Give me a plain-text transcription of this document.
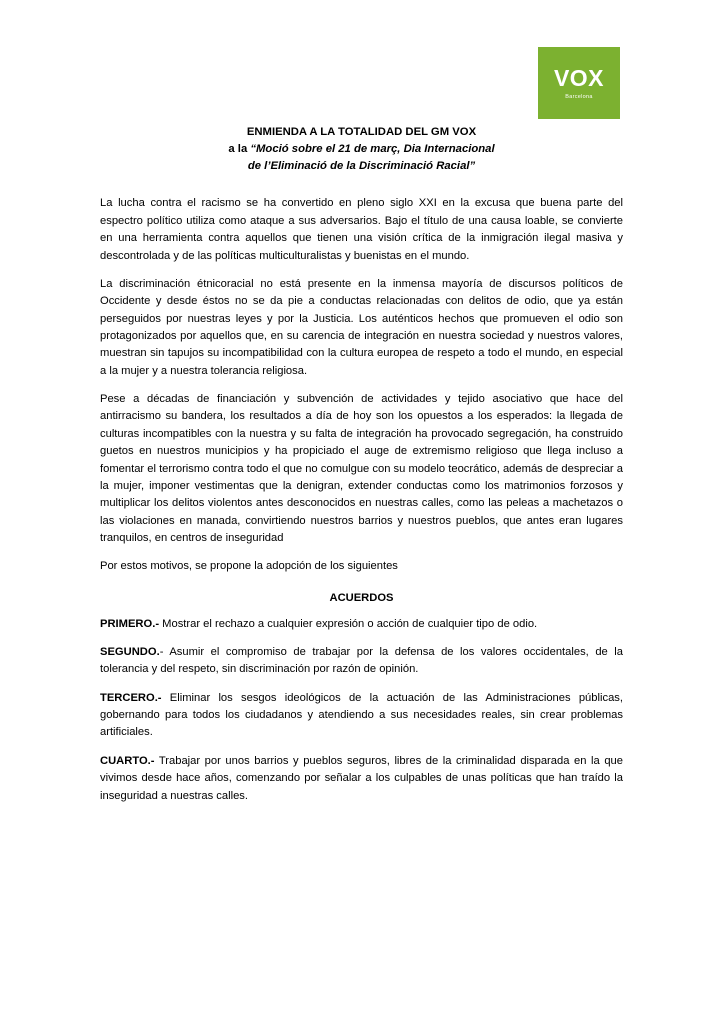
VOX
Barcelona
ENMIENDA A LA TOTALIDAD DEL GM VOX
a la “Moció sobre el 21 de març, Dia Internacional
de l’Eliminació de la Discriminació Racial”

La lucha contra el racismo se ha convertido en pleno siglo XXI en la excusa que buena parte del espectro político utiliza como ataque a sus adversarios. Bajo el título de una causa loable, se convierte en una herramienta contra aquellos que tienen una visión crítica de la inmigración ilegal masiva y descontrolada y de las políticas multiculturalistas y buenistas en el mundo.

La discriminación étnicoracial no está presente en la inmensa mayoría de discursos políticos de Occidente y desde éstos no se da pie a conductas relacionadas con delitos de odio, que ya están perseguidos por nuestras leyes y por la Justicia. Los auténticos hechos que promueven el odio son protagonizados por aquellos que, en su carencia de integración en nuestra sociedad y nuestros valores, muestran sin tapujos su incompatibilidad con la cultura europea de respeto a todo el mundo, en especial a la mujer y a nuestra tolerancia religiosa.

Pese a décadas de financiación y subvención de actividades y tejido asociativo que hace del antirracismo su bandera, los resultados a día de hoy son los opuestos a los esperados: la llegada de culturas incompatibles con la nuestra y su falta de integración ha provocado segregación, ha construido guetos en nuestros municipios y ha propiciado el auge de extremismo religioso que llega incluso a fomentar el terrorismo contra todo el que no comulgue con su modelo teocrático, además de despreciar a la mujer, imponer vestimentas que la denigran, extender conductas como los matrimonios forzosos y multiplicar los delitos violentos antes desconocidos en nuestras calles, como las peleas a machetazos o las violaciones en manada, convirtiendo nuestros barrios y nuestros pueblos, que antes eran lugares tranquilos, en centros de inseguridad

Por estos motivos, se propone la adopción de los siguientes

ACUERDOS

PRIMERO.- Mostrar el rechazo a cualquier expresión o acción de cualquier tipo de odio.

SEGUNDO.- Asumir el compromiso de trabajar por la defensa de los valores occidentales, de la tolerancia y del respeto, sin discriminación por razón de opinión.

TERCERO.- Eliminar los sesgos ideológicos de la actuación de las Administraciones públicas, gobernando para todos los ciudadanos y atendiendo a sus necesidades reales, sin crear problemas artificiales.

CUARTO.- Trabajar por unos barrios y pueblos seguros, libres de la criminalidad disparada en la que vivimos desde hace años, comenzando por señalar a los culpables de unas políticas que han traído la inseguridad a nuestras calles.
